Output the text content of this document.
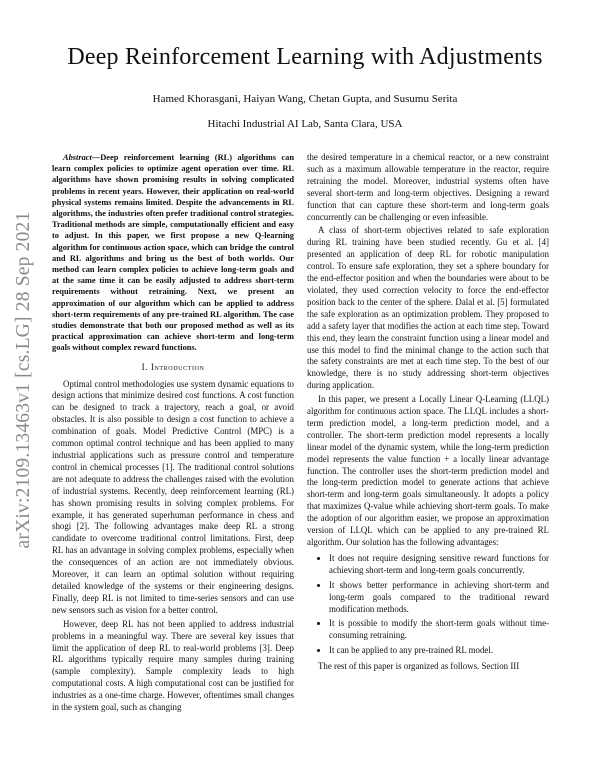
arXiv:2109.13463v1 [cs.LG] 28 Sep 2021
Deep Reinforcement Learning with Adjustments
Hamed Khorasgani, Haiyan Wang, Chetan Gupta, and Susumu Serita
Hitachi Industrial AI Lab, Santa Clara, USA

Abstract—Deep reinforcement learning (RL) algorithms can learn complex policies to optimize agent operation over time. RL algorithms have shown promising results in solving complicated problems in recent years. However, their application on real-world physical systems remains limited. Despite the advancements in RL algorithms, the industries often prefer traditional control strategies. Traditional methods are simple, computationally efficient and easy to adjust. In this paper, we first propose a new Q-learning algorithm for continuous action space, which can bridge the control and RL algorithms and bring us the best of both worlds. Our method can learn complex policies to achieve long-term goals and at the same time it can be easily adjusted to address short-term requirements without retraining. Next, we present an approximation of our algorithm which can be applied to address short-term requirements of any pre-trained RL algorithm. The case studies demonstrate that both our proposed method as well as its practical approximation can achieve short-term and long-term goals without complex reward functions.

I. Introduction

Optimal control methodologies use system dynamic equations to design actions that minimize desired cost functions. A cost function can be designed to track a trajectory, reach a goal, or avoid obstacles. It is also possible to design a cost function to achieve a combination of goals. Model Predictive Control (MPC) is a common optimal control technique and has been applied to many industrial applications such as pressure control and temperature control in chemical processes [1]. The traditional control solutions are not adequate to address the challenges raised with the evolution of industrial systems. Recently, deep reinforcement learning (RL) has shown promising results in solving complex problems. For example, it has generated superhuman performance in chess and shogi [2]. The following advantages make deep RL a strong candidate to overcome traditional control limitations. First, deep RL has an advantage in solving complex problems, especially when the consequences of an action are not immediately obvious. Moreover, it can learn an optimal solution without requiring detailed knowledge of the systems or their engineering designs. Finally, deep RL is not limited to time-series sensors and can use new sensors such as vision for a better control.

However, deep RL has not been applied to address industrial problems in a meaningful way. There are several key issues that limit the application of deep RL to real-world problems [3]. Deep RL algorithms typically require many samples during training (sample complexity). Sample complexity leads to high computational costs. A high computational cost can be justified for industries as a one-time charge. However, oftentimes small changes in the system goal, such as changing

the desired temperature in a chemical reactor, or a new constraint such as a maximum allowable temperature in the reactor, require retraining the model. Moreover, industrial systems often have several short-term and long-term objectives. Designing a reward function that can capture these short-term and long-term goals concurrently can be challenging or even infeasible.

A class of short-term objectives related to safe exploration during RL training have been studied recently. Gu et al. [4] presented an application of deep RL for robotic manipulation control. To ensure safe exploration, they set a sphere boundary for the end-effector position and when the boundaries were about to be violated, they used correction velocity to force the end-effector position back to the center of the sphere. Dalal et al. [5] formulated the safe exploration as an optimization problem. They proposed to add a safety layer that modifies the action at each time step. Toward this end, they learn the constraint function using a linear model and use this model to find the minimal change to the action such that the safety constraints are met at each time step. To the best of our knowledge, there is no study addressing short-term objectives during application.

In this paper, we present a Locally Linear Q-Learning (LLQL) algorithm for continuous action space. The LLQL includes a short-term prediction model, a long-term prediction model, and a controller. The short-term prediction model represents a locally linear model of the dynamic system, while the long-term prediction model represents the value function + a locally linear advantage function. The controller uses the short-term prediction model and the long-term prediction model to generate actions that achieve short-term and long-term goals simultaneously. It adopts a policy that maximizes Q-value while achieving short-term goals. To make the adoption of our algorithm easier, we propose an approximation version of LLQL which can be applied to any pre-trained RL algorithm. Our solution has the following advantages:

• It does not require designing sensitive reward functions for achieving short-term and long-term goals concurrently.
• It shows better performance in achieving short-term and long-term goals compared to the traditional reward modification methods.
• It is possible to modify the short-term goals without time-consuming retraining.
• It can be applied to any pre-trained RL model.

The rest of this paper is organized as follows. Section III
